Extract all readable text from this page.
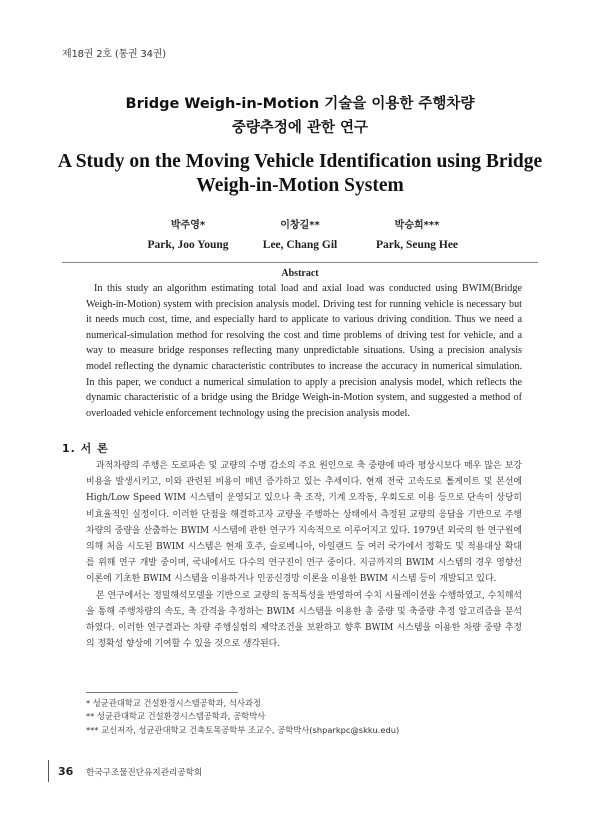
제18권 2호 (통권 34권)
Bridge Weigh-in-Motion 기술을 이용한 주행차량
중량추정에 관한 연구
A Study on the Moving Vehicle Identification using Bridge
Weigh-in-Motion System
박주영*
Park, Joo Young
이창길**
Lee, Chang Gil
박승희***
Park, Seung Hee
Abstract
In this study an algorithm estimating total load and axial load was conducted using BWIM(Bridge Weigh-in-Motion) system with precision analysis model. Driving test for running vehicle is necessary but it needs much cost, time, and especially hard to applicate to various driving condition. Thus we need a numerical-simulation method for resolving the cost and time problems of driving test for vehicle, and a way to measure bridge responses reflecting many unpredictable situations. Using a precision analysis model reflecting the dynamic characteristic contributes to increase the accuracy in numerical simulation. In this paper, we conduct a numerical simulation to apply a precision analysis model, which reflects the dynamic characteristic of a bridge using the Bridge Weigh-in-Motion system, and suggested a method of overloaded vehicle enforcement technology using the precision analysis model.
1. 서 론

과적차량의 주행은 도로파손 및 교량의 수명 감소의 주요 원인으로 축 중량에 따라 평상시보다 매우 많은 보강비용을 발생시키고, 이와 관련된 비용이 매년 증가하고 있는 추세이다. 현재 전국 고속도로 톨게이트 및 본선에 High/Low Speed WIM 시스템이 운영되고 있으나 축 조작, 기계 오작동, 우회도로 이용 등으로 단속이 상당히 비효율적인 실정이다. 이러한 단점을 해결하고자 교량을 주행하는 상태에서 측정된 교량의 응답을 기반으로 주행 차량의 중량을 산출하는 BWIM 시스템에 관한 연구가 지속적으로 이루어지고 있다. 1979년 외국의 한 연구원에 의해 처음 시도된 BWIM 시스템은 현재 호주, 슬로베니아, 아일랜드 등 여러 국가에서 정확도 및 적용대상 확대를 위해 연구 개발 중이며, 국내에서도 다수의 연구진이 연구 중이다. 지금까지의 BWIM 시스템의 경우 영향선 이론에 기초한 BWIM 시스템을 이용하거나 인공신경망 이론을 이용한 BWIM 시스템 등이 개발되고 있다.

본 연구에서는 정밀해석모델을 기반으로 교량의 동적특성을 반영하여 수치 시뮬레이션을 수행하였고, 수치해석을 통해 주행차량의 속도, 축 간격을 추정하는 BWIM 시스템을 이용한 총 중량 및 축중량 추정 알고리즘을 분석하였다. 이러한 연구결과는 차량 주행실험의 제약조건을 보완하고 향후 BWIM 시스템을 이용한 차량 중량 추정의 정확성 향상에 기여할 수 있을 것으로 생각된다.

* 성균관대학교 건설환경시스템공학과, 석사과정
** 성균관대학교 건설환경시스템공학과, 공학박사
*** 교신저자, 성균관대학교 건축토목공학부 조교수, 공학박사(shparkpc@skku.edu)
36 한국구조물진단유지관리공학회
